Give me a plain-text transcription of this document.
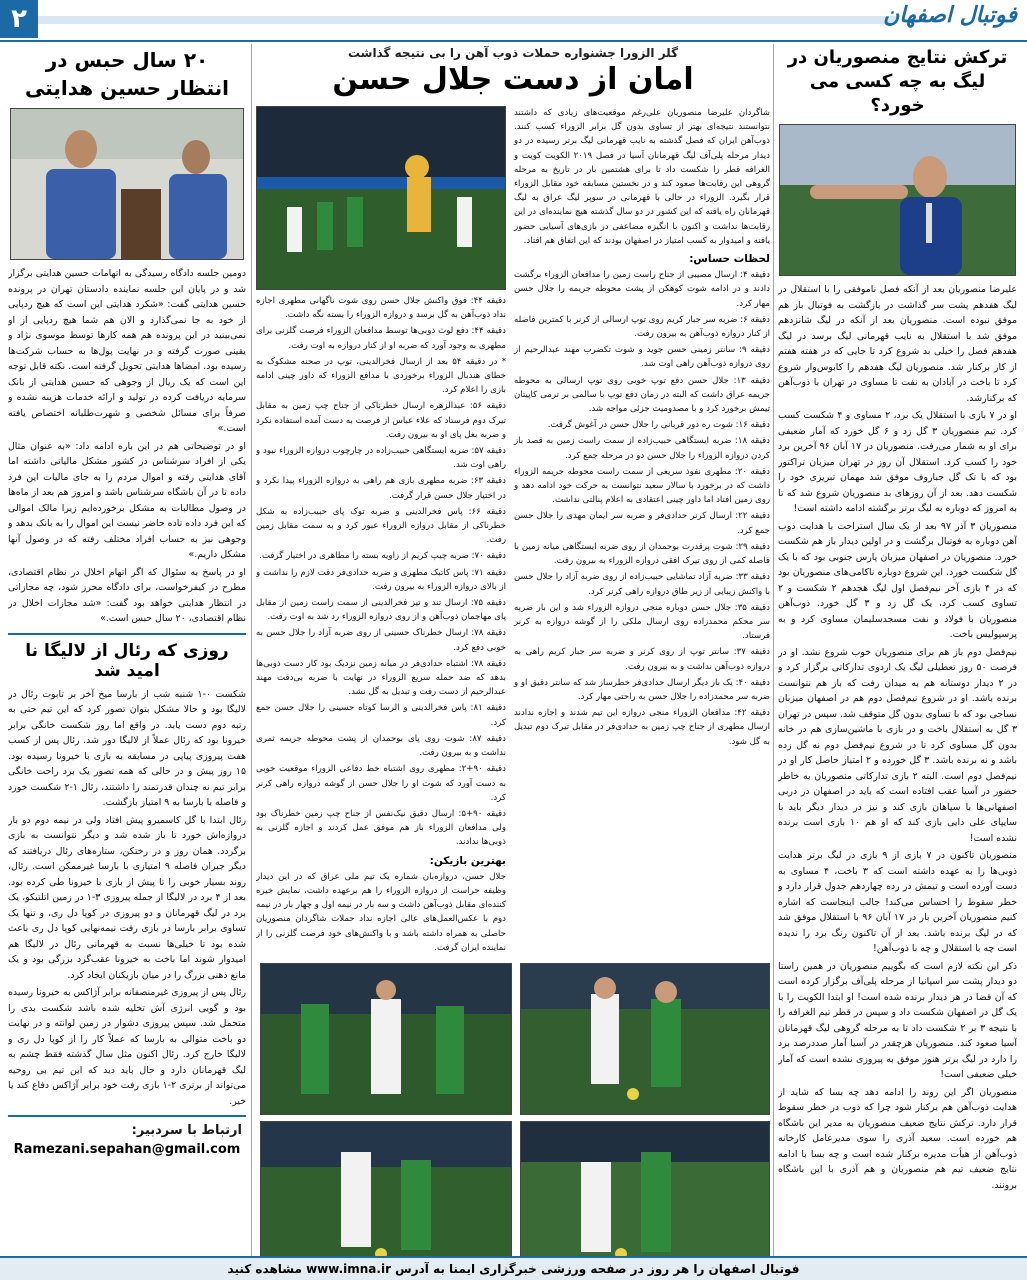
۲	فوتبال اصفهان
ترکش نتایج منصوریان در لیگ به چه کسی می خورد؟

علیرضا منصوریان بعد از آنکه فصل ناموفقی را با استقلال در لیگ هفدهم پشت سر گذاشت در بازگشت به فوتبال باز هم موفق نبوده است. منصوریان بعد از آنکه در لیگ شانزدهم موفق شد با استقلال به نایب قهرمانی لیگ برسد در لیگ هفدهم فصل را خیلی بد شروع کرد تا جایی که در هفته هفتم از کار برکنار شد. منصوریان لیگ هفدهم را کابوس‌وار شروع کرد تا باخت در آبادان به نفت تا مساوی در تهران با ذوب‌آهن که برکنارشد.

او در ۷ بازی با استقلال یک برد، ۲ مساوی و ۴ شکست کسب کرد. تیم منصوریان ۳ گل زد و ۶ گل خورد که آمار ضعیفی برای او به شمار می‌رفت. منصوریان در ۱۷ آبان ۹۶ آخرین برد خود را کسب کرد. استقلال آن روز در تهران میزبان تراکتور بود که با تک گل جباروف موفق شد مهمان تبریزی خود را شکست دهد. بعد از آن روزهای بد منصوریان شروع شد که تا به امروز که دوباره به لیگ برتر برگشته ادامه داشته است!

منصوریان ۳ آذر ۹۷ بعد از یک سال استراحت با هدایت ذوب آهن دوباره به فوتبال برگشت و در اولین دیدار باز هم شکست خورد. منصوریان در اصفهان میزبان پارس جنوبی بود که با یک گل شکست خورد. این شروع دوباره ناکامی‌های منصوریان بود که در ۴ بازی آخر نیم‌فصل اول لیگ هجدهم ۲ شکست و ۲ تساوی کسب کرد، یک گل زد و ۳ گل خورد. ذوب‌آهن منصوریان با فولاد و نفت مسجدسلیمان مساوی کرد و به پرسپولیس باخت.

نیم‌فصل دوم باز هم برای منصوریان خوب شروع نشد. او در فرصت ۵۰ روز تعطیلی لیگ یک اردوی تدارکاتی برگزار کرد و در ۲ دیدار دوستانه هم به میدان رفت که باز هم نتوانست برنده باشد. او در شروع نیم‌فصل دوم هم در اصفهان میزبان نساجی بود که با تساوی بدون گل متوقف شد. سپس در تهران ۳ گل به استقلال باخت و در بازی با ماشین‌سازی هم در خانه بدون گل مساوی کرد تا در شروع نیم‌فصل دوم نه گل زده باشد و نه برنده باشد. ۳ گل خورده و ۲ امتیاز حاصل کار او در نیم‌فصل دوم است. البته ۲ بازی تدارکاتی منصوریان به خاطر حضور در آسیا عقب افتاده است که باید در اصفهان در دربی اصفهانی‌ها با سپاهان بازی کند و نیز در دیدار دیگر باید با سایپای علی دایی بازی کند که او هم ۱۰ بازی است برنده نشده است!

منصوریان تاکنون در ۷ بازی از ۹ بازی در لیگ برتر هدایت ذوبی‌ها را به عهده داشته است که ۳ باخت، ۴ مساوی به دست آورده است و تیمش در رده چهاردهم جدول قرار دارد و خطر سقوط را احساس می‌کند! جالب اینجاست که اشاره کنیم منصوریان آخرین بار در ۱۷ آبان ۹۶ با استقلال موفق شد که در لیگ برنده باشد. بعد از آن تاکنون رنگ برد را ندیده است چه با استقلال و چه با ذوب‌آهن!

ذکر این نکته لازم است که بگوییم منصوریان در همین راستا دو دیدار پشت سر اسپانیا از مرحله پلی‌آف برگزار کرده است که آن قضا در هر دیدار برنده شده است! او ابتدا الکویت را با یک گل در اصفهان شکست داد و سپس در قطر تیم الغرافه را با نتیجه ۳ بر ۲ شکست داد تا به مرحله گروهی لیگ قهرمانان آسیا صعود کند. منصوریان هرچقدر در آسیا آمار صددرصد برد را دارد در لیگ برتر هنوز موفق به پیروزی نشده است که آمار خیلی ضعیفی است!

منصوریان اگر این روند را ادامه دهد چه بسا که شاید از هدایت ذوب‌آهن هم برکنار شود چرا که ذوب در خطر سقوط قرار دارد. ترکش نتایج ضعیف منصوریان به مدیر این باشگاه هم خورده است. سعید آذری را سوی مدیرعامل کارخانه ذوب‌آهن از هیأت مدیره برکنار شده است و چه بسا با ادامه نتایج ضعیف تیم هم منصوریان و هم آذری با این باشگاه برونند.

گلر الزورا جشنواره حملات ذوب آهن را بی نتیجه گذاشت
امان از دست جلال حسن

شاگردان علیرضا منصوریان علی‌رغم موقعیت‌های زیادی که داشتند نتوانستند نتیجه‌ای بهتر از تساوی بدون گل برابر الزوراء کسب کنند. ذوب‌آهن ایران که فصل گذشته به نایب قهرمانی لیگ برتر رسیده در دو دیدار مرحله پلی‌آف لیگ قهرمانان آسیا در فصل ۲۰۱۹ الکویت کویت و الغرافه قطر را شکست داد تا برای هشتمین بار در تاریخ به مرحله گروهی این رقابت‌ها صعود کند و در نخستین مسابقه خود مقابل الزوراء قرار بگیرد. الزوراء در حالی با قهرمانی در سوپر لیگ عراق به لیگ قهرمانان راه یافته که این کشور در دو سال گذشته هیچ نماینده‌ای در این رقابت‌ها نداشت و اکنون با انگیزه مضاعفی در بازی‌های آسیایی حضور یافته و امیدوار به کسب امتیاز در اصفهان بودند که این اتفاق هم افتاد.

لحظات حساس:

دقیقه ۴: ارسال مصیبی از جناح راست زمین را مدافعان الزوراء برگشت دادند و در ادامه شوت کوهکن از پشت محوطه جریمه را جلال حسن مهار کرد.

دقیقه ۶: ضربه سر جبار کریم روی توپ ارسالی از کرنر با کمترین فاصله از کنار دروازه ذوب‌آهن به بیرون رفت.

دقیقه ۹: سانتر زمینی حسن جوید و شوت تکضرب مهند عبدالرحیم از روی دروازه ذوب‌آهن راهی اوت شد.

دقیقه ۱۳: جلال حسن دفع توپ خوبی روی توپ ارسالی به محوطه جریمه عراق داشت که البته در زمان دفع توپ با سالمی بر ترمی کاپیتان تیمش برخورد کرد و با مصدومیت جزئی مواجه شد.

دقیقه ۱۶: شوت ره دور قربانی را جلال حسن در آغوش گرفت.

دقیقه ۱۸: ضربه ایستگاهی حبیب‌زاده از سمت راست زمین به قصد باز کردن دروازه الزوراء را جلال حسن دو در مرحله جمع کرد.

دقیقه ۲۰: مطهری نفوذ سریعی از سمت راست محوطه جریمه الزوراء داشت که در برخورد با سالار سعید نتوانست به حرکت خود ادامه دهد و روی زمین افتاد اما داور چینی اعتقادی به اعلام پنالتی نداشت.

دقیقه ۲۲: ارسال کرنر حدادی‌فر و ضربه سر ایمان مهدی را جلال حسن جمع کرد.

دقیقه ۲۹: شوت پرقدرت بوحمدان از روی ضربه ایستگاهی میانه زمین با فاصله کمی از روی تیرک افقی دروازه الزوراء به بیرون رفت.

دقیقه ۳۳: ضربه آزاد تماشایی حبیب‌زاده از روی ضربه آزاد را جلال حسن با واکنش زیبایی از زیر طاق دروازه راهی کرنر کرد.

دقیقه ۳۵: جلال حسن دوباره منجی دروازه الزوراء شد و این بار ضربه سر محکم محمدزاده روی ارسال ملکی را از گوشه دروازه به کرنر فرستاد.

دقیقه ۳۷: سانتر توپ از روی کرنر و ضربه سر جبار کریم راهی به دروازه ذوب‌آهن نداشت و به بیرون رفت.

دقیقه ۴۰: یک بار دیگر ارسال حدادی‌فر خطرساز شد که سانتر دقیق او و ضربه سر محمدزاده را جلال حسن به راحتی مهار کرد.

دقیقه ۴۲: مدافعان الزوراء منجی دروازه این تیم شدند و اجازه ندادند ارسال مطهری از جناح چپ زمین به حدادی‌فر در مقابل تیرک دوم تبدیل به گل شود.

دقیقه ۴۴: فوق واکنش جلال حسن روی شوت ناگهانی مطهری اجازه نداد ذوب‌آهن به گل برسد و دروازه الزوراء را بسته نگه داشت.

دقیقه ۴۴: دفع لوث ذوبی‌ها توسط مدافعان الزوراء فرصت گلزنی برای مطهری به وجود آورد که ضربه او از کنار دروازه به اوت رفت.

* در دقیقه ۵۴ بعد از ارسال فخرالدینی، توپ در صحنه مشکوک به خطای هندبال الزوراء برخوردی با مدافع الزوراء که داور چینی ادامه بازی را اعلام کرد.

دقیقه ۵۶: عبدالزهره ارسال خطرناکی از جناح چپ زمین به مقابل تیرک دوم فرستاد که علاء عباس از فرصت به دست آمده استفاده نکرد و ضربه بغل پای او به بیرون رفت.

دقیقه ۵۷: ضربه ایستگاهی حبیب‌زاده در چارچوب دروازه الزوراء نبود و راهی اوت شد.

دقیقه ۶۳: ضربه مطهری بازی هم راهی به دروازه الزوراء پیدا نکرد و در اختیار جلال حسن قرار گرفت.

دقیقه ۶۶: پاس فخرالدینی و ضربه توک پای حبیب‌زاده به شکل خطرناکی از مقابل دروازه الزوراء عبور کرد و به سمت مقابل زمین رفت.

دقیقه ۷۰: ضربه چیپ کریم از زاویه بسته را مطاهری در اختیار گرفت.

دقیقه ۷۱: پاس کاتبک مطهری و ضربه حدادی‌فر دقت لازم را نداشت و از بالای دروازه الزوراء به بیرون رفت.

دقیقه ۷۵: ارسال تند و تیز فخرالدینی از سمت راست زمین از مقابل پای مهاجمان ذوب‌آهن و از روی دروازه الزوراء رد شد به اوت رفت.

دقیقه ۷۸: ارسال خطرناک حسینی از روی ضربه آزاد را جلال حسن به خوبی دفع کرد.

دقیقه ۷۸: اشتباه حدادی‌فر در میانه زمین نزدیک بود کار دست ذوبی‌ها بدهد که ضد حمله سریع الزوراء در نهایت با ضربه بی‌دقت مهند عبدالرحیم از دست رفت و تبدیل به گل نشد.

دقیقه ۸۱: پاس فخرالدینی و الرسا کوتاه حسینی را جلال حسن جمع کرد.

دقیقه ۸۷: شوت روی پای بوحمدان از پشت محوطه جریمه ثمری نداشت و به بیرون رفت.

دقیقه ۹۰+۲: مطهری روی اشتباه خط دفاعی الزوراء موقعیت خوبی به دست آورد که شوت او را جلال حسن از گوشه دروازه راهی کرنر کرد.

دقیقه ۹۰+۵: ارسال دقیق نیک‌نفس از جناح چپ زمین خطرناک بود ولی مدافعان الزوراء باز هم موفق عمل کردند و اجازه گلزنی به ذوبی‌ها ندادند.

بهترین بازیکن:

جلال حسن، دروازه‌بان شماره یک تیم ملی عراق که در این دیدار وظیفه حراست از دروازه الزوراء را هم برعهده داشت، نمایش خیره کننده‌ای مقابل ذوب‌آهن داشت و سه بار در نیمه اول و چهار بار در نیمه دوم با عکس‌العمل‌های عالی اجازه نداد حملات شاگردان منصوریان حاصلی به همراه داشته باشد و با واکنش‌های خود فرصت گلزنی را از نماینده ایران گرفت.

۲۰ سال حبس در انتظار حسین هدایتی

دومین جلسه دادگاه رسیدگی به اتهامات حسین هدایتی برگزار شد و در پایان این جلسه نماینده دادستان تهران در پرونده حسین هدایتی گفت: «شکرد هدایتی این است که هیچ ردپایی از خود به جا نمی‌گذارد و الان هم شما هیچ ردپایی از او نمی‌بینید در این پرونده هم همه کارها توسط موسوی نژاد و یقینی صورت گرفته و در نهایت پول‌ها به حساب شرکت‌ها رسیده بود. امضاها هدایتی تحویل گرفته است. نکته قابل توجه این است که یک ریال از وجوهی که حسین هدایتی از بانک سرمایه دریافت کرده در تولید و ارائه خدمات هزینه نشده و صرفاً برای مسائل شخصی و شهرت‌طلبانه اختصاص یافته است.»

او در توضیحاتی هم در این باره ادامه داد: «به عنوان مثال یکی از افراد سرشناس در کشور مشکل مالیاتی داشته اما آقای هدایتی رفته و اموال مردم را به جای مالیات این فرد داده تا در آن باشگاه سرشناس باشد و امروز هم بعد از ماه‌ها در وصول مطالبات به مشکل برخورده‌ایم زیرا مالک اموالی که این فرد داده تاده حاضر نیست این اموال را به بانک بدهد و وجوهی نیز به حساب افراد مختلف رفته که در وصول آنها مشکل داریم.»

او در پاسخ به سئوال که اگر اتهام اخلال در نظام اقتصادی، مطرح در کیفرخواست، برای دادگاه محرز شود، چه مجازاتی در انتظار هدایتی خواهد بود گفت: «شد مجازات اخلال در نظام اقتصادی، ۲۰ سال حبس است.»

روزی که رئال از لالیگا نا امید شد

شکست ۰-۱ شنبه شب از بارسا میخ آخر بر تابوت رئال در لالیگا بود و حالا مشکل بتوان تصور کرد که این تیم حتی به رتبه دوم دست یابد. در واقع اما روز شکست خانگی برابر خیرونا بود که رئال عملاً از لالیگا دور شد. رئال پس از کسب هفت پیروزی پیاپی در مسابقه به بازی با خیرونا رسیده بود. ۱۵ روز پیش و در حالی که همه تصور یک برد راحت خانگی برابر تیم نه چندان قدرتمند را داشتند، رئال ۱-۲ شکست خورد و فاصله با بارسا به ۹ امتیاز بازگشت.

رئال ابتدا با گل کاسمیرو پیش افتاد ولی در نیمه دوم دو بار دروازه‌اش خورد تا باز شده شد و دیگر نتوانست به بازی برگردد. همان روز و در رختکن، ستاره‌های رئال دریافتند که دیگر جبران فاصله ۹ امتیازی با بارسا غیرممکن است. رئال، روند بسیار خوبی را تا پیش از بازی با خیرونا طی کرده بود. بعد از ۴ برد در لالیگا از جمله پیروزی ۳-۱ در زمین اتلتیکو، یک برد در لیگ قهرمانان و دو پیروزی در کوپا دل ری، و تنها یک تساوی برابر بارسا در بازی رفت نیمه‌نهایی کوپا دل ری باعث شده بود تا خیلی‌ها نسبت به قهرمانی رئال در لالیگا هم امیدوار شوند اما باخت به خیرونا عقب‌گرد بزرگی بود و یک مانع ذهنی بزرگ را در میان بازیکنان ایجاد کرد.

رئال پس از پیروزی غیرمنصفانه برابر آژاکس به خیرونا رسیده بود و گویی انرژی آش تخلیه شده باشد شکست بدی را متحمل شد. سپس پیروزی دشوار در زمین لوانته و در نهایت دو باخت متوالی به بارسا که عملاً کار را از کوپا دل ری و لالیگا خارج کرد. رئال اکنون مثل سال گذشته فقط چشم به لیگ قهرمانان دارد و حال باید دید که این تیم بی روحیه می‌تواند از برتری ۲-۱ بازی رفت خود برابر آژاکس دفاع کند یا خیر.

ارتباط با سردبیر:
Ramezani.sepahan@gmail.com
فوتبال اصفهان را هر روز در صفحه ورزشی خبرگزاری ایمنا به آدرس www.imna.ir مشاهده کنید
